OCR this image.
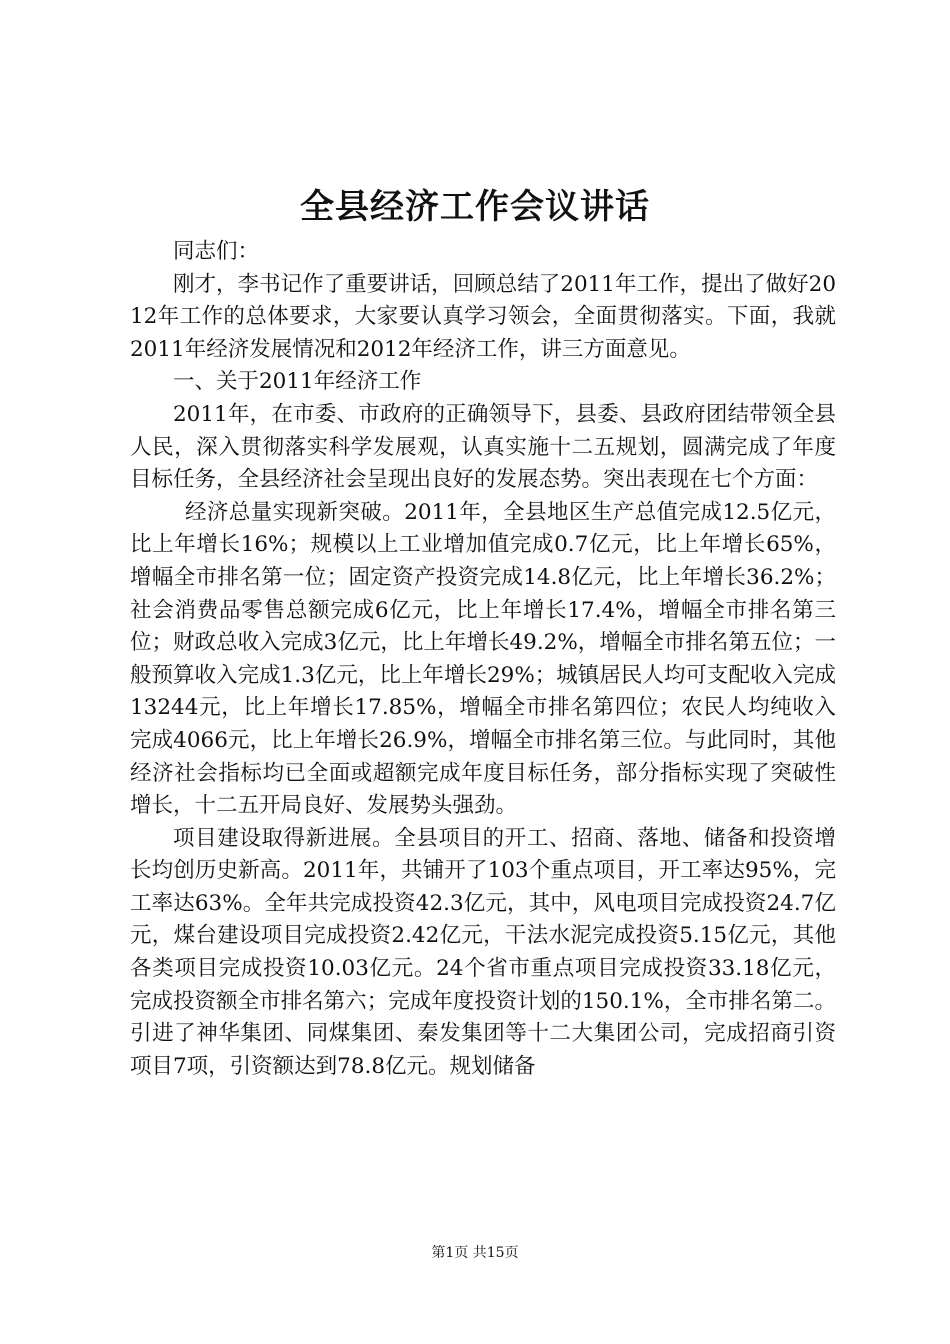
全县经济工作会议讲话

同志们：

刚才，李书记作了重要讲话，回顾总结了2011年工作，提出了做好2012年工作的总体要求，大家要认真学习领会，全面贯彻落实。下面，我就2011年经济发展情况和2012年经济工作，讲三方面意见。

一、关于2011年经济工作

2011年，在市委、市政府的正确领导下，县委、县政府团结带领全县人民，深入贯彻落实科学发展观，认真实施十二五规划，圆满完成了年度目标任务，全县经济社会呈现出良好的发展态势。突出表现在七个方面：

经济总量实现新突破。2011年，全县地区生产总值完成12.5亿元，比上年增长16%；规模以上工业增加值完成0.7亿元，比上年增长65%，增幅全市排名第一位；固定资产投资完成14.8亿元，比上年增长36.2%；社会消费品零售总额完成6亿元，比上年增长17.4%，增幅全市排名第三位；财政总收入完成3亿元，比上年增长49.2%，增幅全市排名第五位；一般预算收入完成1.3亿元，比上年增长29%；城镇居民人均可支配收入完成13244元，比上年增长17.85%，增幅全市排名第四位；农民人均纯收入完成4066元，比上年增长26.9%，增幅全市排名第三位。与此同时，其他经济社会指标均已全面或超额完成年度目标任务，部分指标实现了突破性增长，十二五开局良好、发展势头强劲。

项目建设取得新进展。全县项目的开工、招商、落地、储备和投资增长均创历史新高。2011年，共铺开了103个重点项目，开工率达95%，完工率达63%。全年共完成投资42.3亿元，其中，风电项目完成投资24.7亿元，煤台建设项目完成投资2.42亿元，干法水泥完成投资5.15亿元，其他各类项目完成投资10.03亿元。24个省市重点项目完成投资33.18亿元，完成投资额全市排名第六；完成年度投资计划的150.1%，全市排名第二。引进了神华集团、同煤集团、秦发集团等十二大集团公司，完成招商引资项目7项，引资额达到78.8亿元。规划储备

第1页 共15页
